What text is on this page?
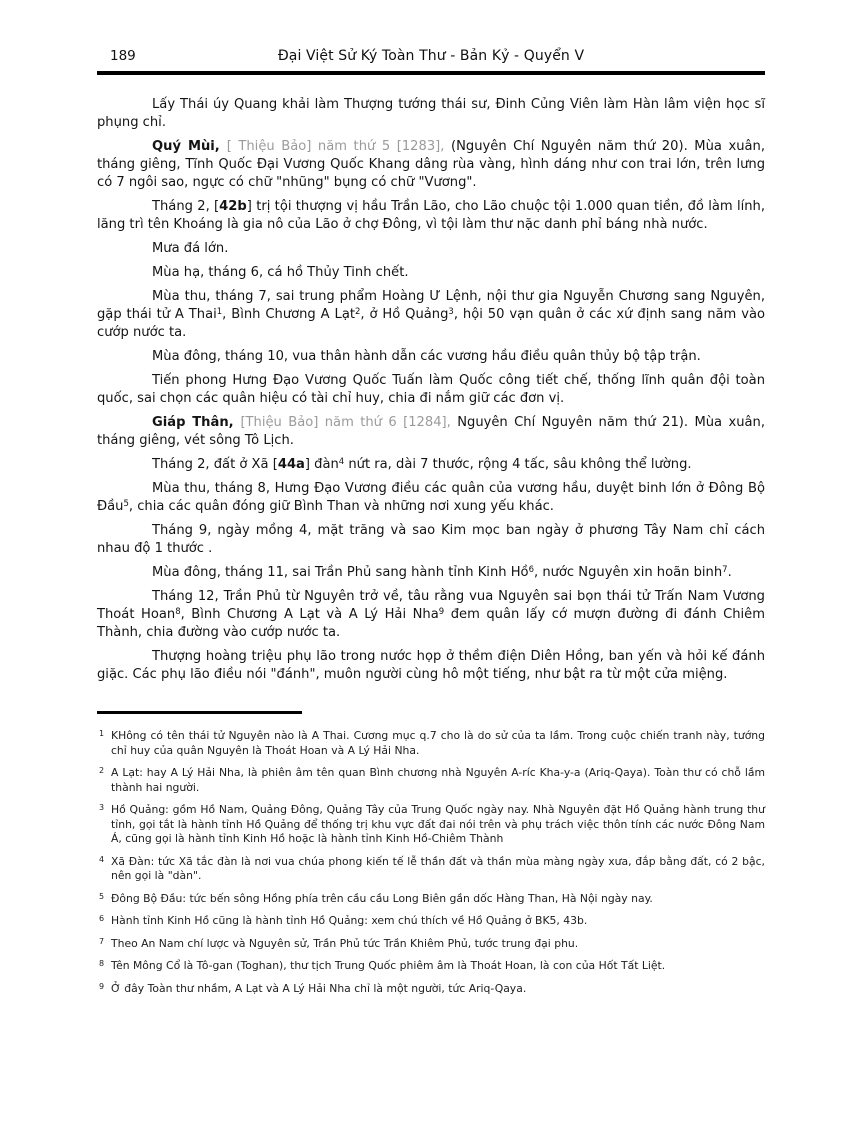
189	Đại Việt Sử Ký Toàn Thư - Bản Kỷ - Quyển V

Lấy Thái úy Quang khải làm Thượng tướng thái sư, Đinh Củng Viên làm Hàn lâm viện học sĩ phụng chỉ.

Quý Mùi, [ Thiệu Bảo] năm thứ 5 [1283], (Nguyên Chí Nguyên năm thứ 20). Mùa xuân, tháng giêng, Tĩnh Quốc Đại Vương Quốc Khang dâng rùa vàng, hình dáng như con trai lớn, trên lưng có 7 ngôi sao, ngực có chữ "nhũng" bụng có chữ "Vương".

Tháng 2, [42b] trị tội thượng vị hầu Trần Lão, cho Lão chuộc tội 1.000 quan tiền, đồ làm lính, lăng trì tên Khoáng là gia nô của Lão ở chợ Đông, vì tội làm thư nặc danh phỉ báng nhà nước.

Mưa đá lớn.

Mùa hạ, tháng 6, cá hồ Thủy Tinh chết.

Mùa thu, tháng 7, sai trung phẩm Hoàng Ư Lệnh, nội thư gia Nguyễn Chương sang Nguyên, gặp thái tử A Thai$^1$, Bình Chương A Lạt$^2$, ở Hồ Quảng$^3$, hội 50 vạn quân ở các xứ định sang năm vào cướp nước ta.

Mùa đông, tháng 10, vua thân hành dẫn các vương hầu điều quân thủy bộ tập trận.

Tiến phong Hưng Đạo Vương Quốc Tuấn làm Quốc công tiết chế, thống lĩnh quân đội toàn quốc, sai chọn các quân hiệu có tài chỉ huy, chia đi nắm giữ các đơn vị.

Giáp Thân, [Thiệu Bảo] năm thứ 6 [1284], Nguyên Chí Nguyên năm thứ 21). Mùa xuân, tháng giêng, vét sông Tô Lịch.

Tháng 2, đất ở Xã [44a] đàn$^4$ nứt ra, dài 7 thước, rộng 4 tấc, sâu không thể lường.

Mùa thu, tháng 8, Hưng Đạo Vương điều các quân của vương hầu, duyệt binh lớn ở Đông Bộ Đầu$^5$, chia các quân đóng giữ Bình Than và những nơi xung yếu khác.

Tháng 9, ngày mồng 4, mặt trăng và sao Kim mọc ban ngày ở phương Tây Nam chỉ cách nhau độ 1 thước .

Mùa đông, tháng 11, sai Trần Phủ sang hành tỉnh Kinh Hồ$^6$, nước Nguyên xin hoãn binh$^7$.

Tháng 12, Trần Phủ từ Nguyên trở về, tâu rằng vua Nguyên sai bọn thái tử Trấn Nam Vương Thoát Hoan$^8$, Bình Chương A Lạt và A Lý Hải Nha$^9$ đem quân lấy cớ mượn đường đi đánh Chiêm Thành, chia đường vào cướp nước ta.

Thượng hoàng triệu phụ lão trong nước họp ở thềm điện Diên Hồng, ban yến và hỏi kế đánh giặc. Các phụ lão điều nói "đánh", muôn người cùng hô một tiếng, như bật ra từ một cửa miệng.

1 KHông có tên thái tử Nguyên nào là A Thai. Cương mục q.7 cho là do sử của ta lầm. Trong cuộc chiến tranh này, tướng chỉ huy của quân Nguyên là Thoát Hoan và A Lý Hải Nha.
2 A Lạt: hay A Lý Hải Nha, là phiên âm tên quan Bình chương nhà Nguyên A-ríc Kha-y-a (Ariq-Qaya). Toàn thư có chỗ lầm thành hai người.
3 Hồ Quảng: gồm Hồ Nam, Quảng Đông, Quảng Tây của Trung Quốc ngày nay. Nhà Nguyên đặt Hồ Quảng hành trung thư tỉnh, gọi tắt là hành tỉnh Hồ Quảng để thống trị khu vực đất đai nói trên và phụ trách việc thôn tính các nước Đông Nam Á, cũng gọi là hành tỉnh Kinh Hồ hoặc là hành tỉnh Kinh Hồ-Chiêm Thành
4 Xã Đàn: tức Xã tắc đàn là nơi vua chúa phong kiến tế lễ thần đất và thần mùa màng ngày xưa, đắp bằng đất, có 2 bậc, nên gọi là "dàn".
5 Đông Bộ Đầu: tức bến sông Hồng phía trên cầu cầu Long Biên gần dốc Hàng Than, Hà Nội ngày nay.
6 Hành tỉnh Kinh Hồ cũng là hành tỉnh Hồ Quảng: xem chú thích về Hồ Quảng ở BK5, 43b.
7 Theo An Nam chí lược và Nguyên sử, Trần Phủ tức Trần Khiêm Phủ, tước trung đại phu.
8 Tên Mông Cổ là Tô-gan (Toghan), thư tịch Trung Quốc phiêm âm là Thoát Hoan, là con của Hốt Tất Liệt.
9 Ở đây Toàn thư nhầm, A Lạt và A Lý Hải Nha chỉ là một người, tức Ariq-Qaya.
